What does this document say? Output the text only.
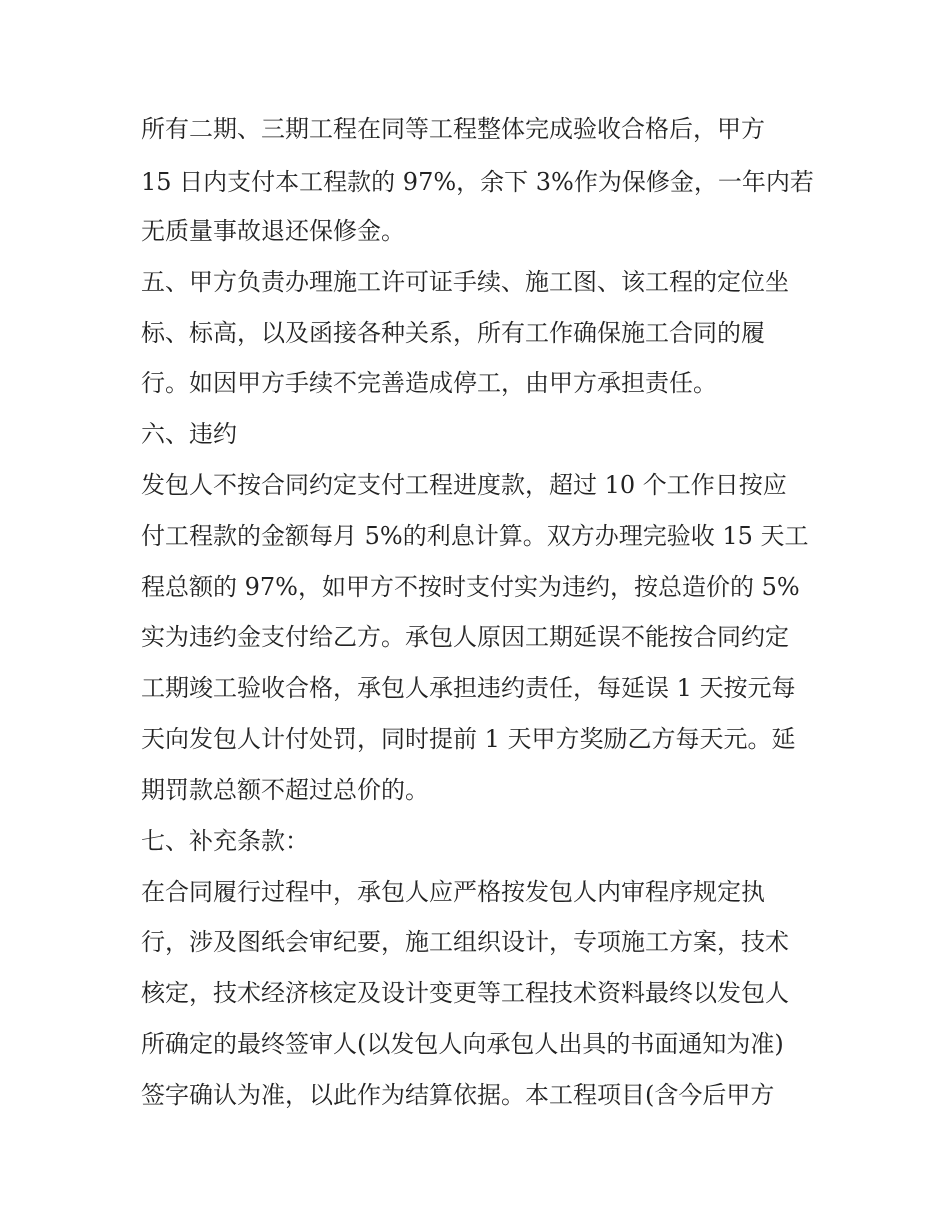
所有二期、三期工程在同等工程整体完成验收合格后，甲方

15 日内支付本工程款的 97%，余下 3%作为保修金，一年内若

无质量事故退还保修金。

五、甲方负责办理施工许可证手续、施工图、该工程的定位坐

标、标高，以及函接各种关系，所有工作确保施工合同的履

行。如因甲方手续不完善造成停工，由甲方承担责任。

六、违约

发包人不按合同约定支付工程进度款，超过 10 个工作日按应

付工程款的金额每月 5%的利息计算。双方办理完验收 15 天工

程总额的 97%，如甲方不按时支付实为违约，按总造价的 5%

实为违约金支付给乙方。承包人原因工期延误不能按合同约定

工期竣工验收合格，承包人承担违约责任，每延误 1 天按元每

天向发包人计付处罚，同时提前 1 天甲方奖励乙方每天元。延

期罚款总额不超过总价的。

七、补充条款：

在合同履行过程中，承包人应严格按发包人内审程序规定执

行，涉及图纸会审纪要，施工组织设计，专项施工方案，技术

核定，技术经济核定及设计变更等工程技术资料最终以发包人

所确定的最终签审人(以发包人向承包人出具的书面通知为准)

签字确认为准，以此作为结算依据。本工程项目(含今后甲方
